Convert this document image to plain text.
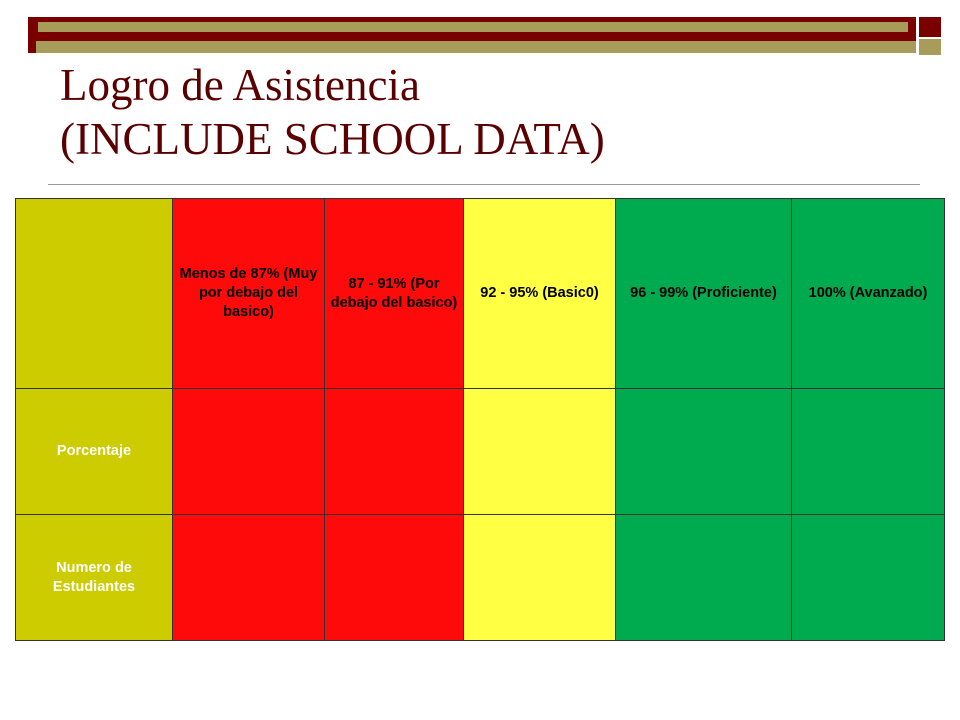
Logro de Asistencia
(INCLUDE SCHOOL DATA)

	Menos de 87% (Muy por debajo del basico)	87 - 91% (Por debajo del basico)	92 - 95% (Basic0)	96 - 99% (Proficiente)	100% (Avanzado)

Porcentaje					
Numero de Estudiantes					
